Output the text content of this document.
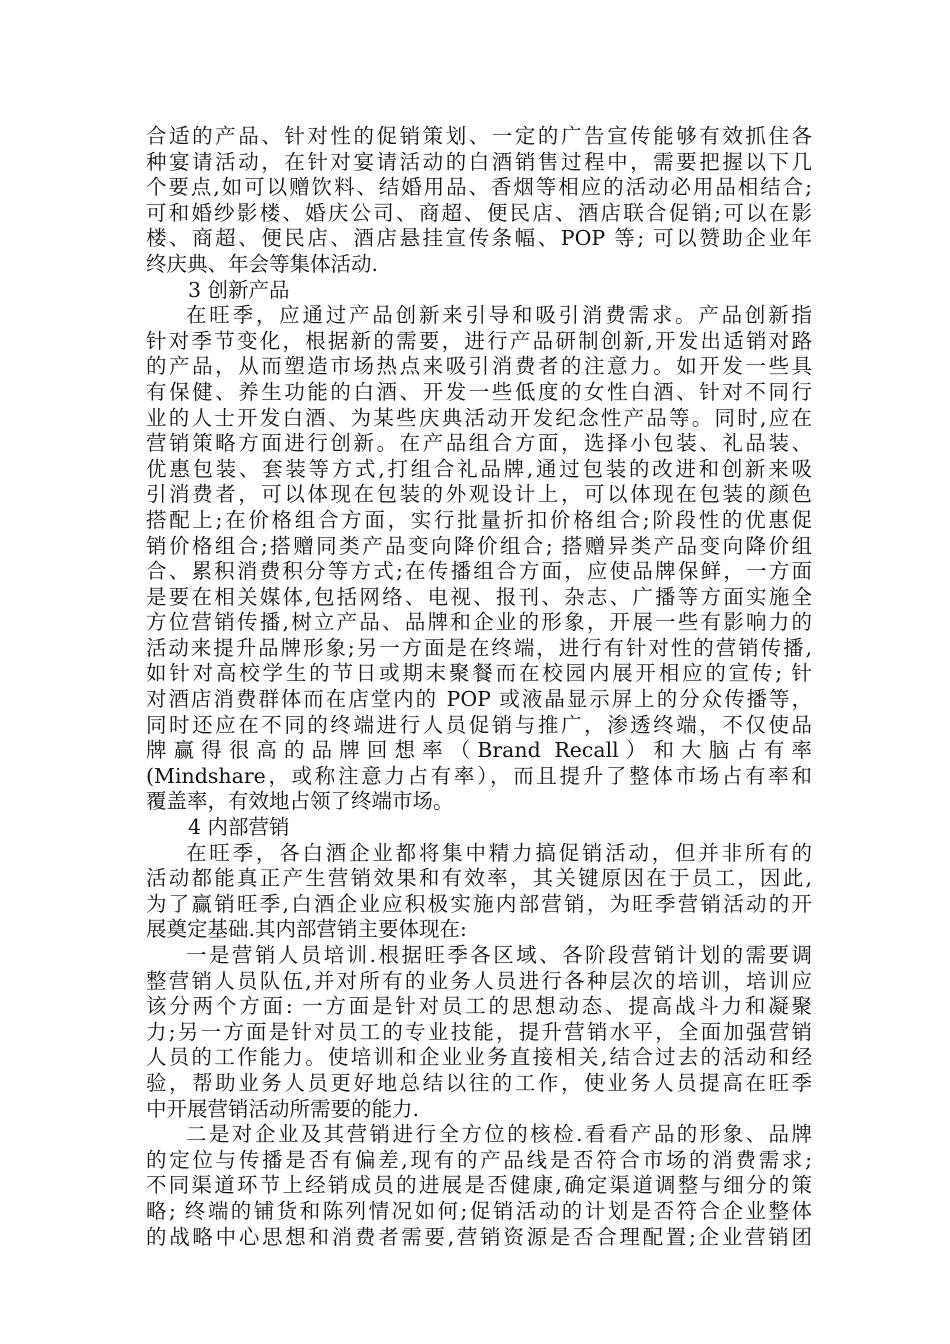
合适的产品、针对性的促销策划、一定的广告宣传能够有效抓住各
种宴请活动，在针对宴请活动的白酒销售过程中，需要把握以下几
个要点,如可以赠饮料、结婚用品、香烟等相应的活动必用品相结合;
可和婚纱影楼、婚庆公司、商超、便民店、酒店联合促销;可以在影
楼、商超、便民店、酒店悬挂宣传条幅、POP 等; 可以赞助企业年
终庆典、年会等集体活动.
3 创新产品
在旺季，应通过产品创新来引导和吸引消费需求。产品创新指
针对季节变化，根据新的需要，进行产品研制创新,开发出适销对路
的产品，从而塑造市场热点来吸引消费者的注意力。如开发一些具
有保健、养生功能的白酒、开发一些低度的女性白酒、针对不同行
业的人士开发白酒、为某些庆典活动开发纪念性产品等。同时,应在
营销策略方面进行创新。在产品组合方面，选择小包装、礼品装、
优惠包装、套装等方式,打组合礼品牌,通过包装的改进和创新来吸
引消费者，可以体现在包装的外观设计上，可以体现在包装的颜色
搭配上;在价格组合方面，实行批量折扣价格组合;阶段性的优惠促
销价格组合;搭赠同类产品变向降价组合; 搭赠异类产品变向降价组
合、累积消费积分等方式;在传播组合方面，应使品牌保鲜，一方面
是要在相关媒体,包括网络、电视、报刊、杂志、广播等方面实施全
方位营销传播,树立产品、品牌和企业的形象，开展一些有影响力的
活动来提升品牌形象;另一方面是在终端，进行有针对性的营销传播,
如针对高校学生的节日或期末聚餐而在校园内展开相应的宣传; 针
对酒店消费群体而在店堂内的 POP 或液晶显示屏上的分众传播等，
同时还应在不同的终端进行人员促销与推广，渗透终端，不仅使品
牌赢得很高的品牌回想率（Brand Recall）和大脑占有率
(Mindshare，或称注意力占有率），而且提升了整体市场占有率和
覆盖率，有效地占领了终端市场。
4 内部营销
在旺季，各白酒企业都将集中精力搞促销活动，但并非所有的
活动都能真正产生营销效果和有效率，其关键原因在于员工，因此,
为了赢销旺季,白酒企业应积极实施内部营销，为旺季营销活动的开
展奠定基础.其内部营销主要体现在:
一是营销人员培训.根据旺季各区域、各阶段营销计划的需要调
整营销人员队伍,并对所有的业务人员进行各种层次的培训，培训应
该分两个方面: 一方面是针对员工的思想动态、提高战斗力和凝聚
力;另一方面是针对员工的专业技能，提升营销水平，全面加强营销
人员的工作能力。使培训和企业业务直接相关,结合过去的活动和经
验，帮助业务人员更好地总结以往的工作，使业务人员提高在旺季
中开展营销活动所需要的能力.
二是对企业及其营销进行全方位的核检.看看产品的形象、品牌
的定位与传播是否有偏差,现有的产品线是否符合市场的消费需求;
不同渠道环节上经销成员的进展是否健康,确定渠道调整与细分的策
略; 终端的铺货和陈列情况如何;促销活动的计划是否符合企业整体
的战略中心思想和消费者需要,营销资源是否合理配置;企业营销团
